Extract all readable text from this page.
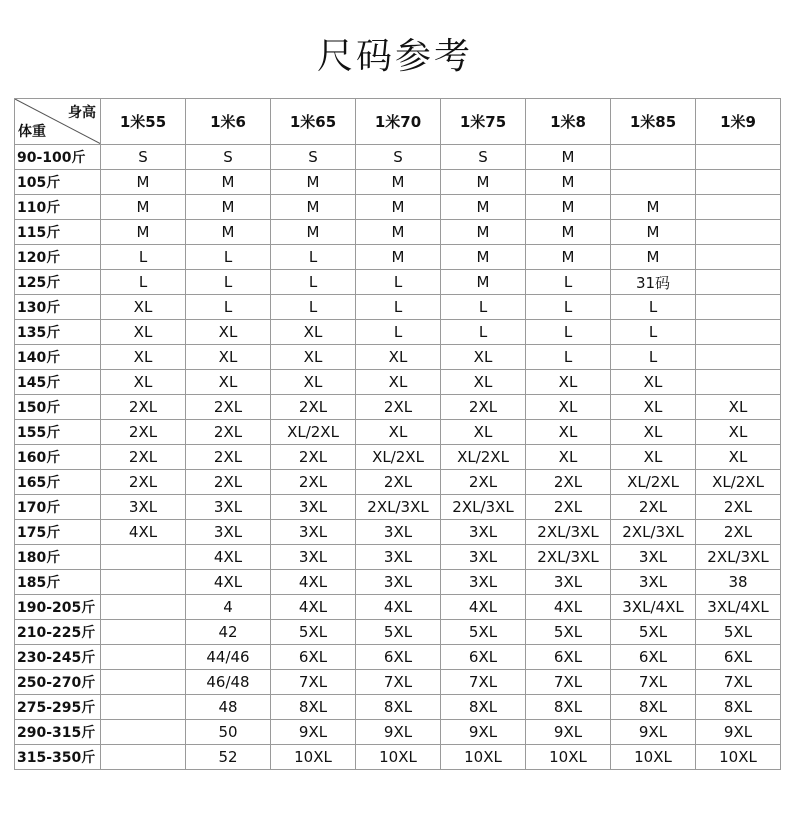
尺码参考
身高
体重	1米55	1米6	1米65	1米70	1米75	1米8	1米85	1米9
90-100斤	S	S	S	S	S	M		
105斤	M	M	M	M	M	M		
110斤	M	M	M	M	M	M	M	
115斤	M	M	M	M	M	M	M	
120斤	L	L	L	M	M	M	M	
125斤	L	L	L	L	M	L	31码	
130斤	XL	L	L	L	L	L	L	
135斤	XL	XL	XL	L	L	L	L	
140斤	XL	XL	XL	XL	XL	L	L	
145斤	XL	XL	XL	XL	XL	XL	XL	
150斤	2XL	2XL	2XL	2XL	2XL	XL	XL	XL
155斤	2XL	2XL	XL/2XL	XL	XL	XL	XL	XL
160斤	2XL	2XL	2XL	XL/2XL	XL/2XL	XL	XL	XL
165斤	2XL	2XL	2XL	2XL	2XL	2XL	XL/2XL	XL/2XL
170斤	3XL	3XL	3XL	2XL/3XL	2XL/3XL	2XL	2XL	2XL
175斤	4XL	3XL	3XL	3XL	3XL	2XL/3XL	2XL/3XL	2XL
180斤		4XL	3XL	3XL	3XL	2XL/3XL	3XL	2XL/3XL
185斤		4XL	4XL	3XL	3XL	3XL	3XL	38
190-205斤		4	4XL	4XL	4XL	4XL	3XL/4XL	3XL/4XL
210-225斤		42	5XL	5XL	5XL	5XL	5XL	5XL
230-245斤		44/46	6XL	6XL	6XL	6XL	6XL	6XL
250-270斤		46/48	7XL	7XL	7XL	7XL	7XL	7XL
275-295斤		48	8XL	8XL	8XL	8XL	8XL	8XL
290-315斤		50	9XL	9XL	9XL	9XL	9XL	9XL
315-350斤		52	10XL	10XL	10XL	10XL	10XL	10XL
